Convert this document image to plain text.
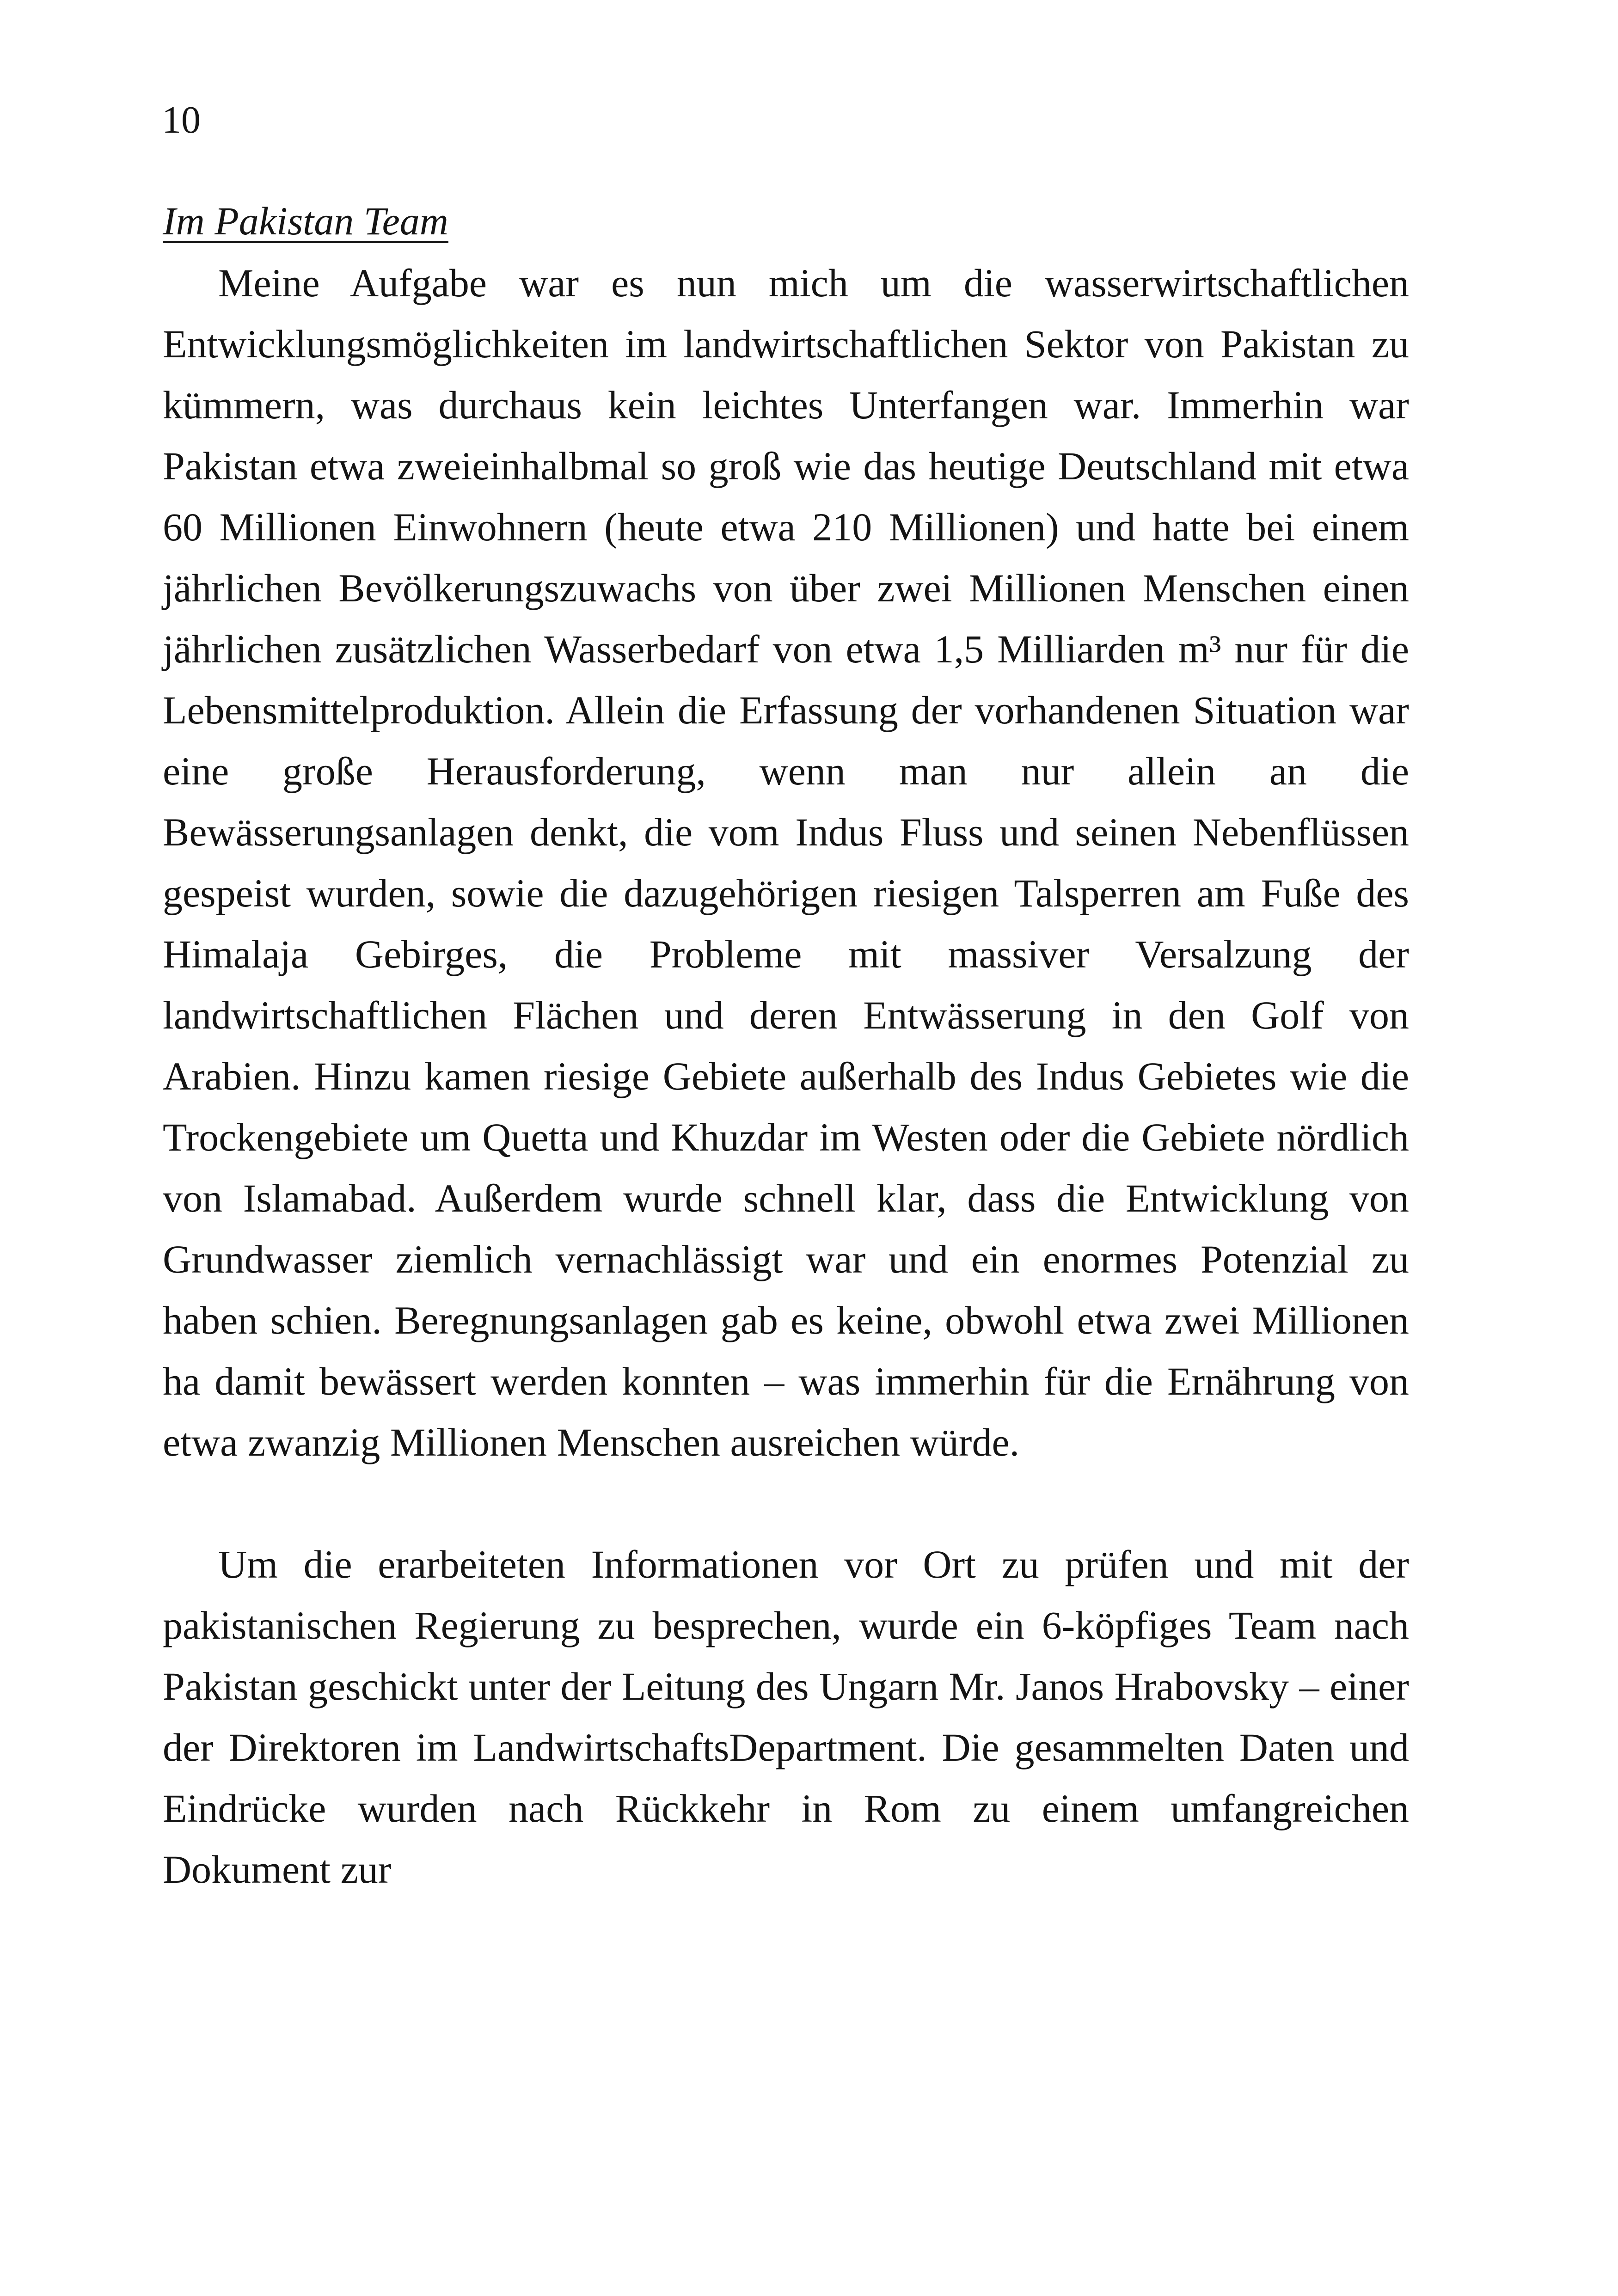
10
Im Pakistan Team

Meine Aufgabe war es nun mich um die wasserwirtschaftlichen Entwicklungsmöglichkeiten im landwirtschaftlichen Sektor von Pakistan zu kümmern, was durchaus kein leichtes Unterfangen war. Immerhin war Pakistan etwa zweieinhalbmal so groß wie das heutige Deutschland mit etwa 60 Millionen Einwohnern (heute etwa 210 Millionen) und hatte bei einem jährlichen Bevölkerungszuwachs von über zwei Millionen Menschen einen jährlichen zusätzlichen Wasserbedarf von etwa 1,5 Milliarden m³ nur für die Lebensmittelproduktion. Allein die Erfassung der vorhandenen Situation war eine große Herausforderung, wenn man nur allein an die Bewässerungsanlagen denkt, die vom Indus Fluss und seinen Nebenflüssen gespeist wurden, sowie die dazugehörigen riesigen Talsperren am Fuße des Himalaja Gebirges, die Probleme mit massiver Versalzung der landwirtschaftlichen Flächen und deren Entwässerung in den Golf von Arabien. Hinzu kamen riesige Gebiete außerhalb des Indus Gebietes wie die Trockengebiete um Quetta und Khuzdar im Westen oder die Gebiete nördlich von Islamabad. Außerdem wurde schnell klar, dass die Entwicklung von Grundwasser ziemlich vernachlässigt war und ein enormes Potenzial zu haben schien. Beregnungsanlagen gab es keine, obwohl etwa zwei Millionen ha damit bewässert werden konnten – was immerhin für die Ernährung von etwa zwanzig Millionen Menschen ausreichen würde.

Um die erarbeiteten Informationen vor Ort zu prüfen und mit der pakistanischen Regierung zu besprechen, wurde ein 6-köpfiges Team nach Pakistan geschickt unter der Leitung des Ungarn Mr. Janos Hrabovsky – einer der Direktoren im LandwirtschaftsDepartment. Die gesammelten Daten und Eindrücke wurden nach Rückkehr in Rom zu einem umfangreichen Dokument zur
